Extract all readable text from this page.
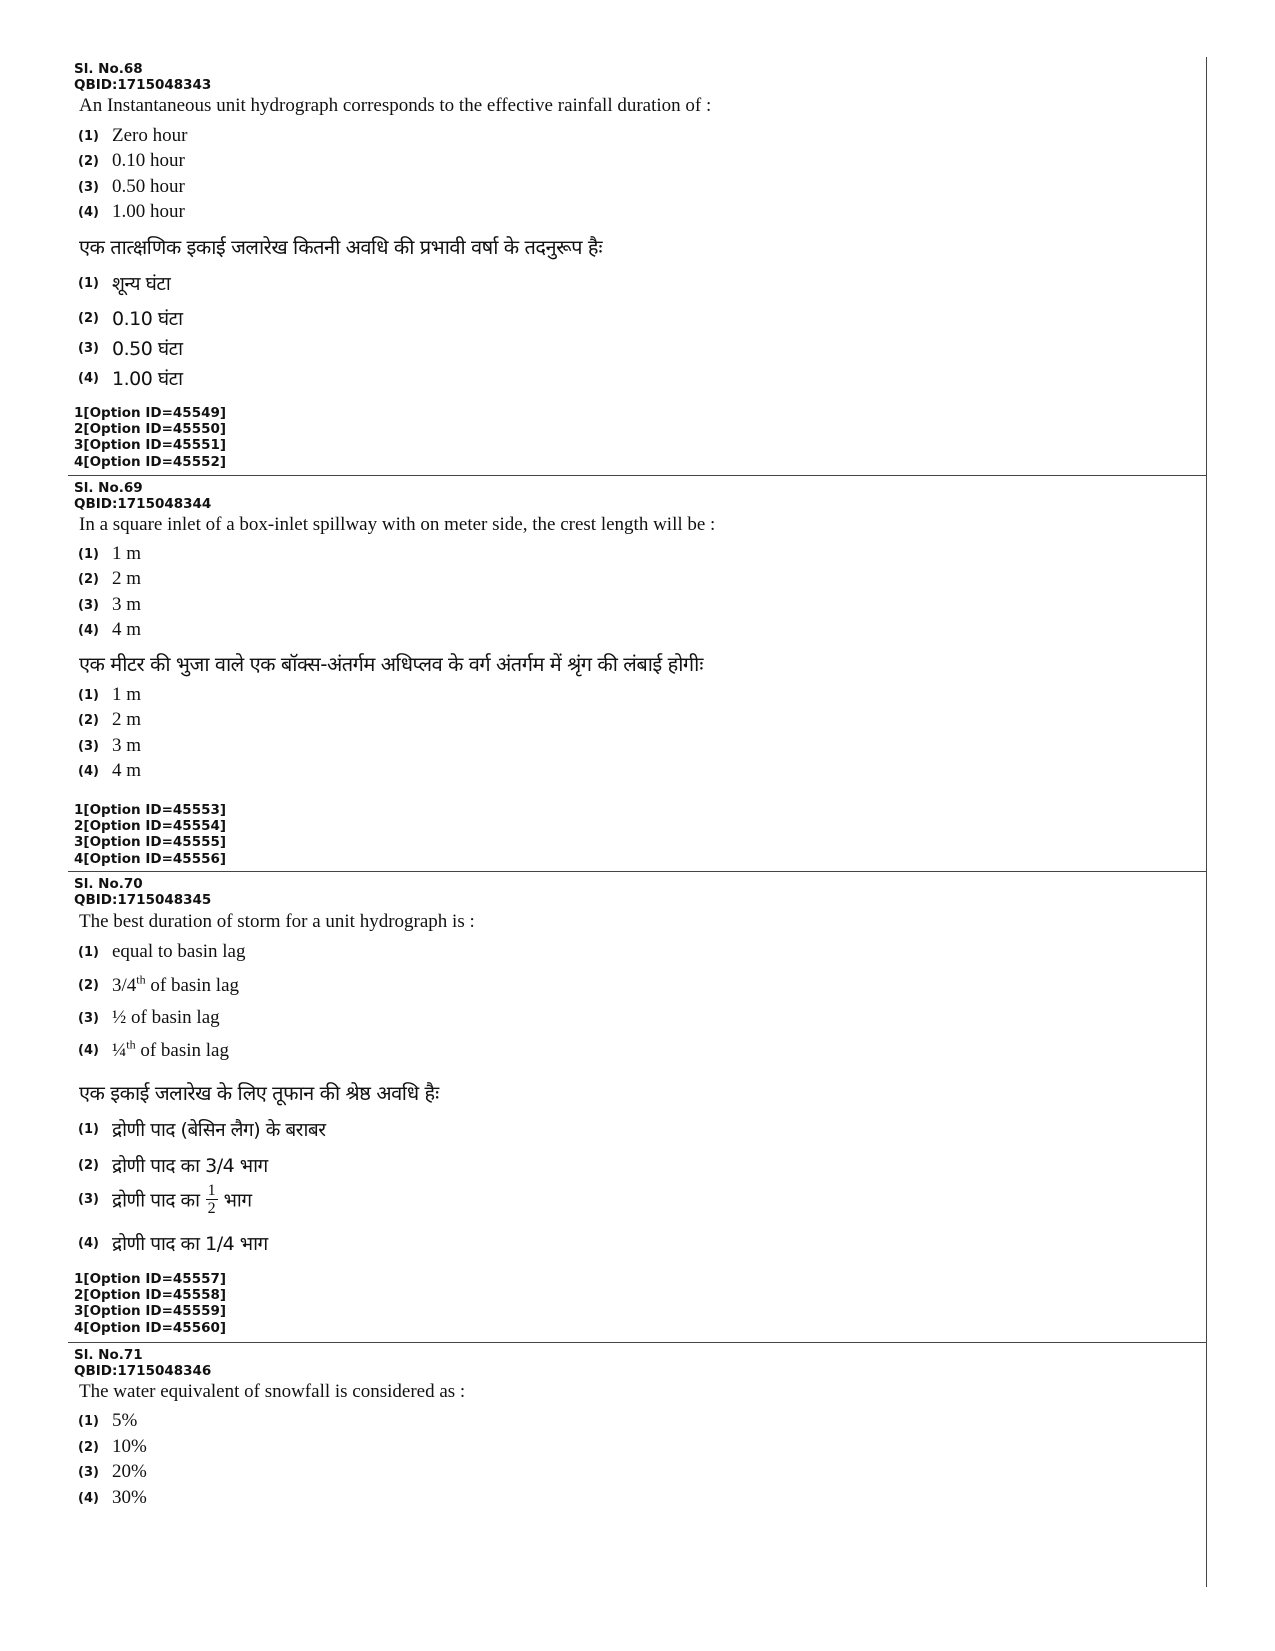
Sl. No.68
QBID:1715048343
An Instantaneous unit hydrograph corresponds to the effective rainfall duration of :
(1) Zero hour
(2) 0.10 hour
(3) 0.50 hour
(4) 1.00 hour
एक तात्क्षणिक इकाई जलारेख कितनी अवधि की प्रभावी वर्षा के तदनुरूप हैः
(1) शून्य घंटा
(2) 0.10 घंटा
(3) 0.50 घंटा
(4) 1.00 घंटा
1[Option ID=45549]
2[Option ID=45550]
3[Option ID=45551]
4[Option ID=45552]
Sl. No.69
QBID:1715048344
In a square inlet of a box-inlet spillway with on meter side, the crest length will be :
(1) 1 m
(2) 2 m
(3) 3 m
(4) 4 m
एक मीटर की भुजा वाले एक बॉक्स-अंतर्गम अधिप्लव के वर्ग अंतर्गम में श्रृंग की लंबाई होगीः
(1) 1 m
(2) 2 m
(3) 3 m
(4) 4 m
1[Option ID=45553]
2[Option ID=45554]
3[Option ID=45555]
4[Option ID=45556]
Sl. No.70
QBID:1715048345
The best duration of storm for a unit hydrograph is :
(1) equal to basin lag
(2) 3/4th of basin lag
(3) ½ of basin lag
(4) ¼$^{th}$ of basin lag
एक इकाई जलारेख के लिए तूफान की श्रेष्ठ अवधि हैः
(1) द्रोणी पाद (बेसिन लैग) के बराबर
(2) द्रोणी पाद का 3/4 भाग
(3) द्रोणी पाद का $\frac{1}{2}$ भाग
(4) द्रोणी पाद का 1/4 भाग
1[Option ID=45557]
2[Option ID=45558]
3[Option ID=45559]
4[Option ID=45560]
Sl. No.71
QBID:1715048346
The water equivalent of snowfall is considered as :
(1) 5%
(2) 10%
(3) 20%
(4) 30%
